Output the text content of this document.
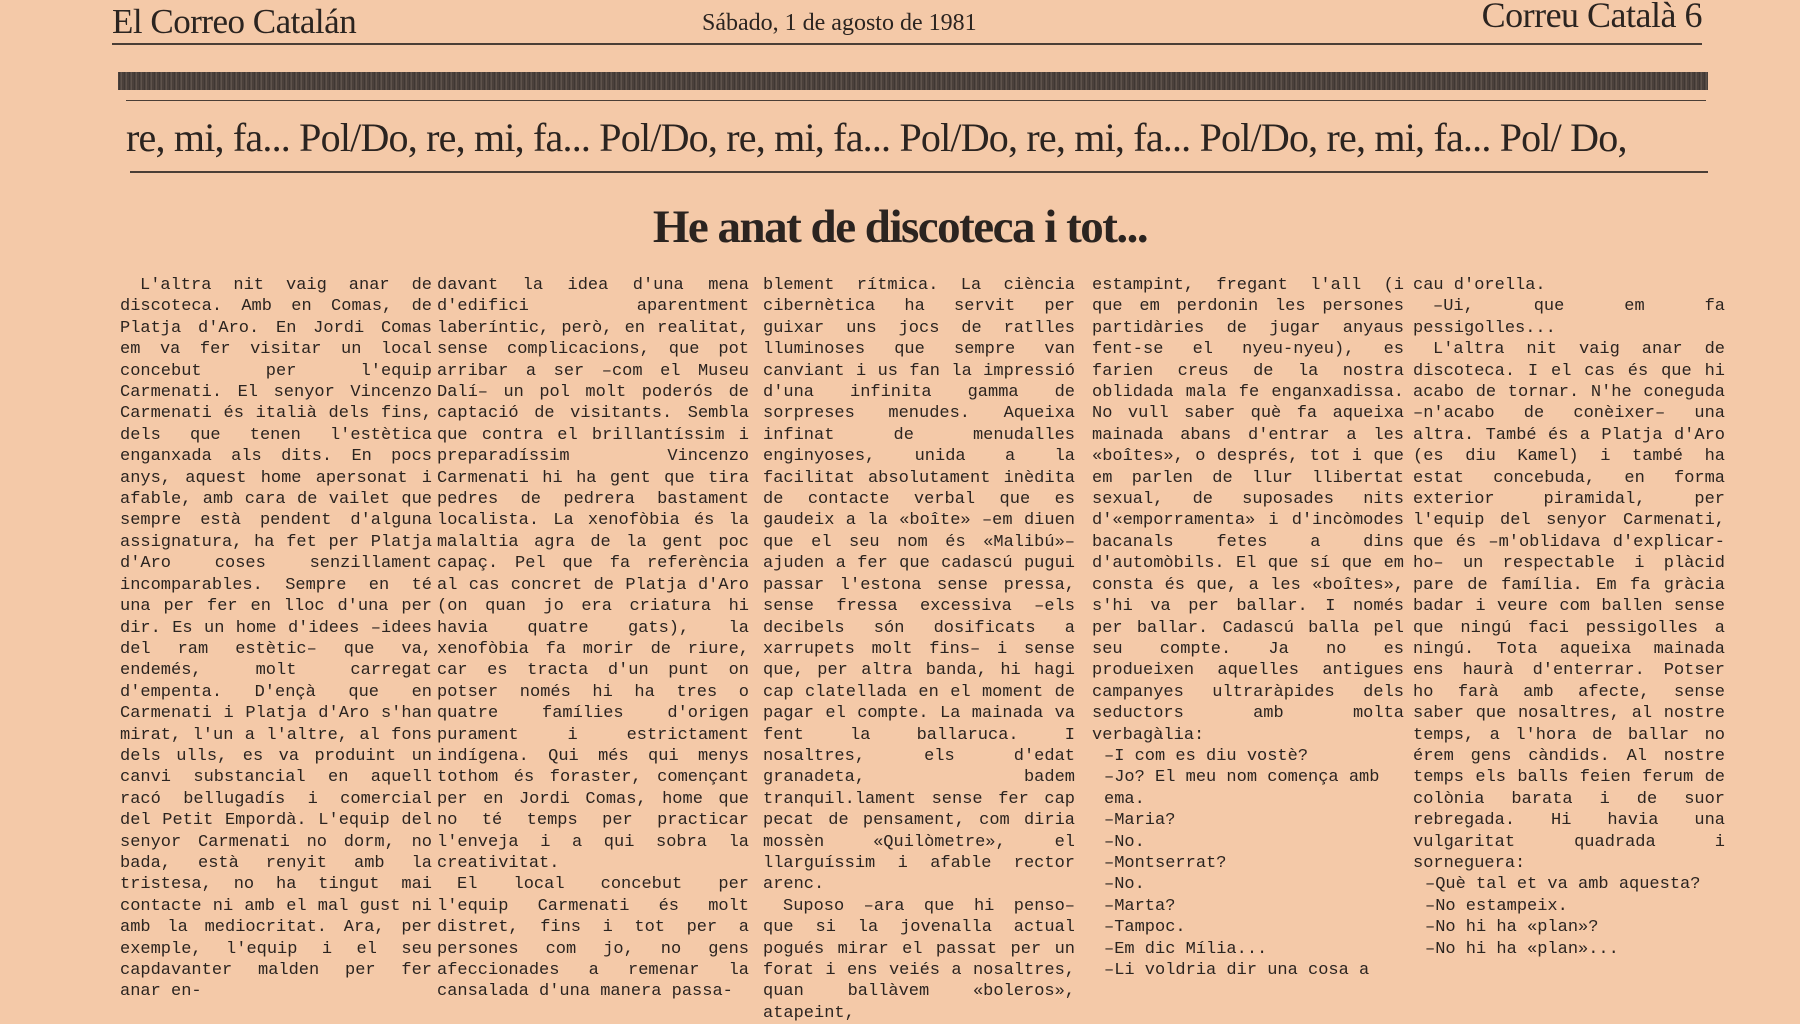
El Correo Catalán	Sábado, 1 de agosto de 1981	Correu Català 6
re, mi, fa... Pol/Do, re, mi, fa... Pol/Do, re, mi, fa... Pol/Do, re, mi, fa... Pol/Do, re, mi, fa... Pol/ Do,
He anat de discoteca i tot...

L'altra nit vaig anar de discoteca. Amb en Comas, de Platja d'Aro. En Jordi Comas em va fer visitar un local concebut per l'equip Carmenati. El senyor Vincenzo Carmenati és italià dels fins, dels que tenen l'estètica enganxada als dits. En pocs anys, aquest home apersonat i afable, amb cara de vailet que sempre està pendent d'alguna assignatura, ha fet per Platja d'Aro coses senzillament incomparables. Sempre en té una per fer en lloc d'una per dir. Es un home d'idees –idees del ram estètic– que va, endemés, molt carregat d'empenta. D'ençà que en Carmenati i Platja d'Aro s'han mirat, l'un a l'altre, al fons dels ulls, es va produint un canvi substancial en aquell racó bellugadís i comercial del Petit Empordà. L'equip del senyor Carmenati no dorm, no bada, està renyit amb la tristesa, no ha tingut mai contacte ni amb el mal gust ni amb la mediocritat. Ara, per exemple, l'equip i el seu capdavanter malden per fer anar en-

davant la idea d'una mena d'edifici aparentment laberíntic, però, en realitat, sense complicacions, que pot arribar a ser –com el Museu Dalí– un pol molt poderós de captació de visitants. Sembla que contra el brillantíssim i preparadíssim Vincenzo Carmenati hi ha gent que tira pedres de pedrera bastament localista. La xenofòbia és la malaltia agra de la gent poc capaç. Pel que fa referència al cas concret de Platja d'Aro (on quan jo era criatura hi havia quatre gats), la xenofòbia fa morir de riure, car es tracta d'un punt on potser només hi ha tres o quatre famílies d'origen purament i estrictament indígena. Qui més qui menys tothom és foraster, començant per en Jordi Comas, home que no té temps per practicar l'enveja i a qui sobra la creativitat.

El local concebut per l'equip Carmenati és molt distret, fins i tot per a persones com jo, no gens afeccionades a remenar la cansalada d'una manera passa-

blement rítmica. La ciència cibernètica ha servit per guixar uns jocs de ratlles lluminoses que sempre van canviant i us fan la impressió d'una infinita gamma de sorpreses menudes. Aqueixa infinat de menudalles enginyoses, unida a la facilitat absolutament inèdita de contacte verbal que es gaudeix a la «boîte» –em diuen que el seu nom és «Malibú»– ajuden a fer que cadascú pugui passar l'estona sense pressa, sense fressa excessiva –els decibels són dosificats a xarrupets molt fins– i sense que, per altra banda, hi hagi cap clatellada en el moment de pagar el compte. La mainada va fent la ballaruca. I nosaltres, els d'edat granadeta, badem tranquil.lament sense fer cap pecat de pensament, com diria mossèn «Quilòmetre», el llarguíssim i afable rector arenc.

Suposo –ara que hi penso– que si la jovenalla actual pogués mirar el passat per un forat i ens veiés a nosaltres, quan ballàvem «boleros», atapeint,

estampint, fregant l'all (i que em perdonin les persones partidàries de jugar anyaus fent-se el nyeu-nyeu), es farien creus de la nostra oblidada mala fe enganxadissa. No vull saber què fa aqueixa mainada abans d'entrar a les «boîtes», o després, tot i que em parlen de llur llibertat sexual, de suposades nits d'«emporramenta» i d'incòmodes bacanals fetes a dins d'automòbils. El que sí que em consta és que, a les «boîtes», s'hi va per ballar. I només per ballar. Cadascú balla pel seu compte. Ja no es produeixen aquelles antigues campanyes ultraràpides dels seductors amb molta verbagàlia:

–I com es diu vostè?

–Jo? El meu nom comença amb ema.

–Maria?

–No.

–Montserrat?

–No.

–Marta?

–Tampoc.

–Em dic Mília...

–Li voldria dir una cosa a

cau d'orella.

–Ui, que em fa pessigolles...

L'altra nit vaig anar de discoteca. I el cas és que hi acabo de tornar. N'he coneguda –n'acabo de conèixer– una altra. També és a Platja d'Aro (es diu Kamel) i també ha estat concebuda, en forma exterior piramidal, per l'equip del senyor Carmenati, que és –m'oblidava d'explicar-ho– un respectable i plàcid pare de família. Em fa gràcia badar i veure com ballen sense que ningú faci pessigolles a ningú. Tota aqueixa mainada ens haurà d'enterrar. Potser ho farà amb afecte, sense saber que nosaltres, al nostre temps, a l'hora de ballar no érem gens càndids. Al nostre temps els balls feien ferum de colònia barata i de suor rebregada. Hi havia una vulgaritat quadrada i sorneguera:

–Què tal et va amb aquesta?

–No estampeix.

–No hi ha «plan»?

–No hi ha «plan»...
